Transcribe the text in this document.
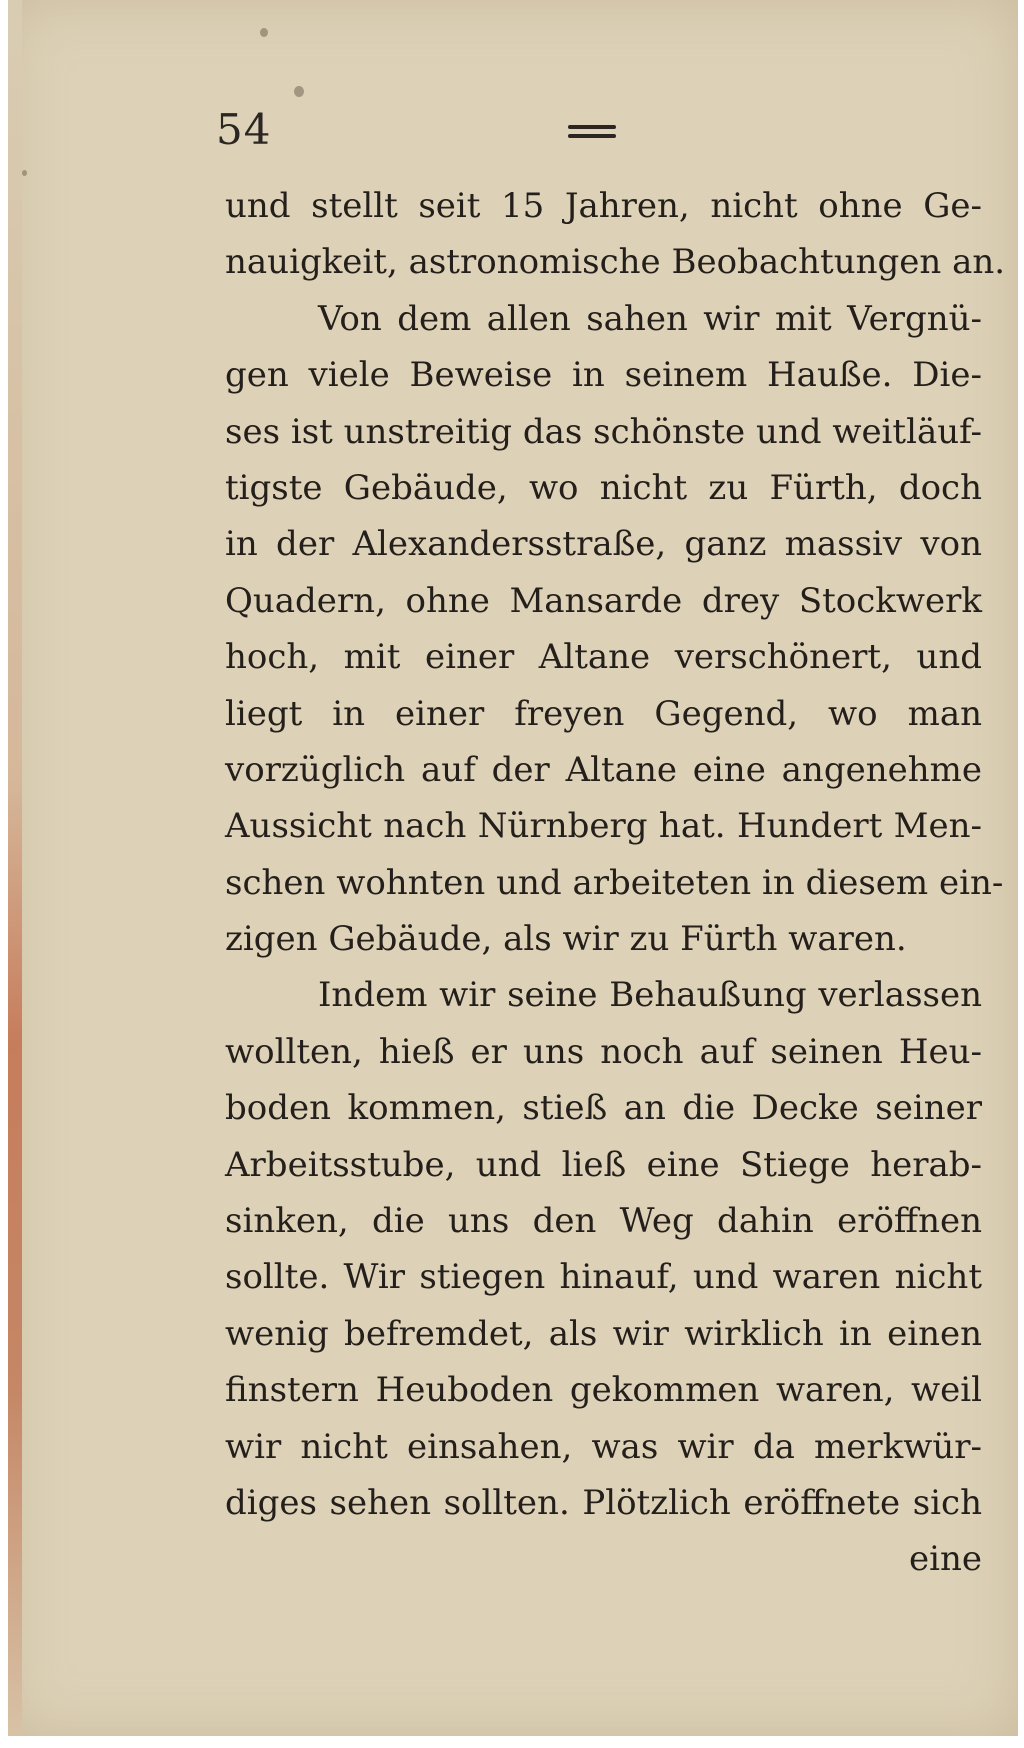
54
und stellt seit 15 Jahren, nicht ohne Ge-
nauigkeit, astronomische Beobachtungen an.
Von dem allen sahen wir mit Vergnü-
gen viele Beweise in seinem Hauße. Die-
ses ist unstreitig das schönste und weitläuf-
tigste Gebäude, wo nicht zu Fürth, doch
in der Alexandersstraße, ganz massiv von
Quadern, ohne Mansarde drey Stockwerk
hoch, mit einer Altane verschönert, und
liegt in einer freyen Gegend, wo man
vorzüglich auf der Altane eine angenehme
Aussicht nach Nürnberg hat. Hundert Men-
schen wohnten und arbeiteten in diesem ein-
zigen Gebäude, als wir zu Fürth waren.
Indem wir seine Behaußung verlassen
wollten, hieß er uns noch auf seinen Heu-
boden kommen, stieß an die Decke seiner
Arbeitsstube, und ließ eine Stiege herab-
sinken, die uns den Weg dahin eröffnen
sollte. Wir stiegen hinauf, und waren nicht
wenig befremdet, als wir wirklich in einen
finstern Heuboden gekommen waren, weil
wir nicht einsahen, was wir da merkwür-
diges sehen sollten. Plötzlich eröffnete sich
eine
